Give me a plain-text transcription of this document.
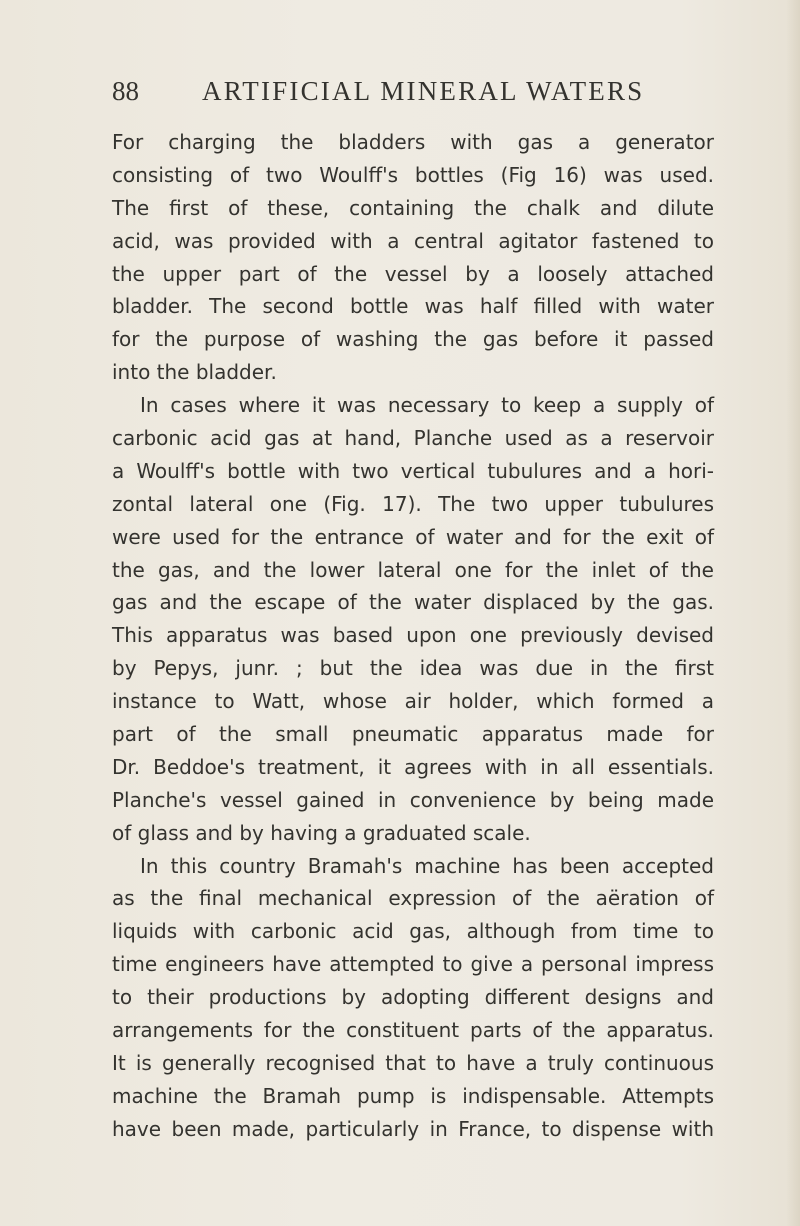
88 ARTIFICIAL MINERAL WATERS
For charging the bladders with gas a generator
consisting of two Woulff's bottles (Fig 16) was used.
The first of these, containing the chalk and dilute
acid, was provided with a central agitator fastened to
the upper part of the vessel by a loosely attached
bladder. The second bottle was half filled with water
for the purpose of washing the gas before it passed
into the bladder.
In cases where it was necessary to keep a supply of
carbonic acid gas at hand, Planche used as a reservoir
a Woulff's bottle with two vertical tubulures and a hori-
zontal lateral one (Fig. 17). The two upper tubulures
were used for the entrance of water and for the exit of
the gas, and the lower lateral one for the inlet of the
gas and the escape of the water displaced by the gas.
This apparatus was based upon one previously devised
by Pepys, junr. ; but the idea was due in the first
instance to Watt, whose air holder, which formed a
part of the small pneumatic apparatus made for
Dr. Beddoe's treatment, it agrees with in all essentials.
Planche's vessel gained in convenience by being made
of glass and by having a graduated scale.
In this country Bramah's machine has been accepted
as the final mechanical expression of the aëration of
liquids with carbonic acid gas, although from time to
time engineers have attempted to give a personal impress
to their productions by adopting different designs and
arrangements for the constituent parts of the apparatus.
It is generally recognised that to have a truly continuous
machine the Bramah pump is indispensable. Attempts
have been made, particularly in France, to dispense with
